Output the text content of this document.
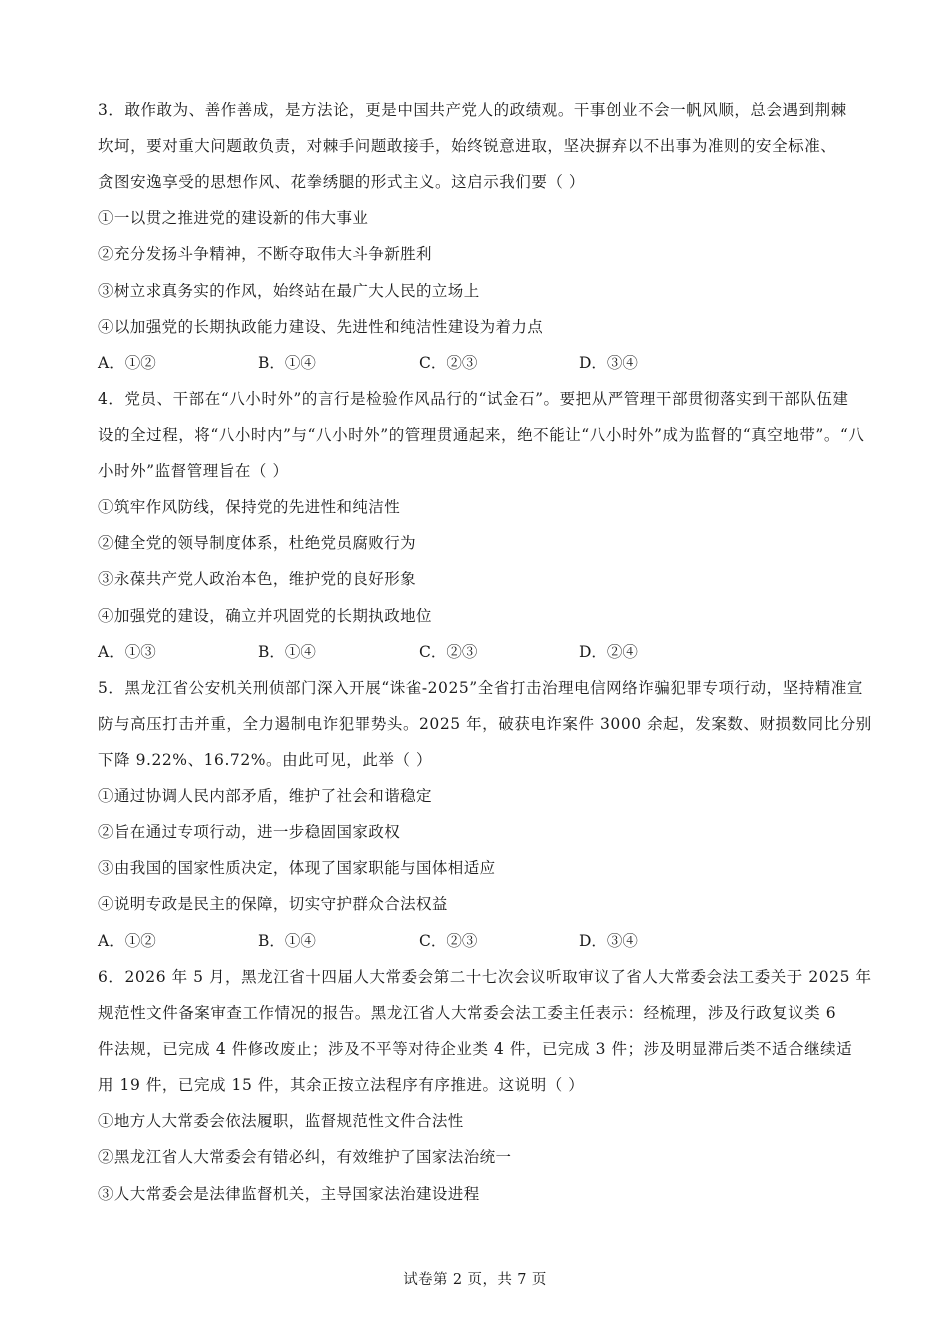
3．敢作敢为、善作善成，是方法论，更是中国共产党人的政绩观。干事创业不会一帆风顺，总会遇到荆棘
坎坷，要对重大问题敢负责，对棘手问题敢接手，始终锐意进取，坚决摒弃以不出事为准则的安全标准、
贪图安逸享受的思想作风、花拳绣腿的形式主义。这启示我们要（ ）
①一以贯之推进党的建设新的伟大事业
②充分发扬斗争精神，不断夺取伟大斗争新胜利
③树立求真务实的作风，始终站在最广大人民的立场上
④以加强党的长期执政能力建设、先进性和纯洁性建设为着力点
A．①②	B．①④	C．②③	D．③④
4．党员、干部在“八小时外”的言行是检验作风品行的“试金石”。要把从严管理干部贯彻落实到干部队伍建
设的全过程，将“八小时内”与“八小时外”的管理贯通起来，绝不能让“八小时外”成为监督的“真空地带”。“八
小时外”监督管理旨在（ ）
①筑牢作风防线，保持党的先进性和纯洁性
②健全党的领导制度体系，杜绝党员腐败行为
③永葆共产党人政治本色，维护党的良好形象
④加强党的建设，确立并巩固党的长期执政地位
A．①③	B．①④	C．②③	D．②④
5．黑龙江省公安机关刑侦部门深入开展“诛雀-2025”全省打击治理电信网络诈骗犯罪专项行动，坚持精准宣
防与高压打击并重，全力遏制电诈犯罪势头。2025 年，破获电诈案件 3000 余起，发案数、财损数同比分别
下降 9.22%、16.72%。由此可见，此举（ ）
①通过协调人民内部矛盾，维护了社会和谐稳定
②旨在通过专项行动，进一步稳固国家政权
③由我国的国家性质决定，体现了国家职能与国体相适应
④说明专政是民主的保障，切实守护群众合法权益
A．①②	B．①④	C．②③	D．③④
6．2026 年 5 月，黑龙江省十四届人大常委会第二十七次会议听取审议了省人大常委会法工委关于 2025 年
规范性文件备案审查工作情况的报告。黑龙江省人大常委会法工委主任表示：经梳理，涉及行政复议类 6
件法规，已完成 4 件修改废止；涉及不平等对待企业类 4 件，已完成 3 件；涉及明显滞后类不适合继续适
用 19 件，已完成 15 件，其余正按立法程序有序推进。这说明（ ）
①地方人大常委会依法履职，监督规范性文件合法性
②黑龙江省人大常委会有错必纠，有效维护了国家法治统一
③人大常委会是法律监督机关，主导国家法治建设进程
试卷第 2 页，共 7 页
